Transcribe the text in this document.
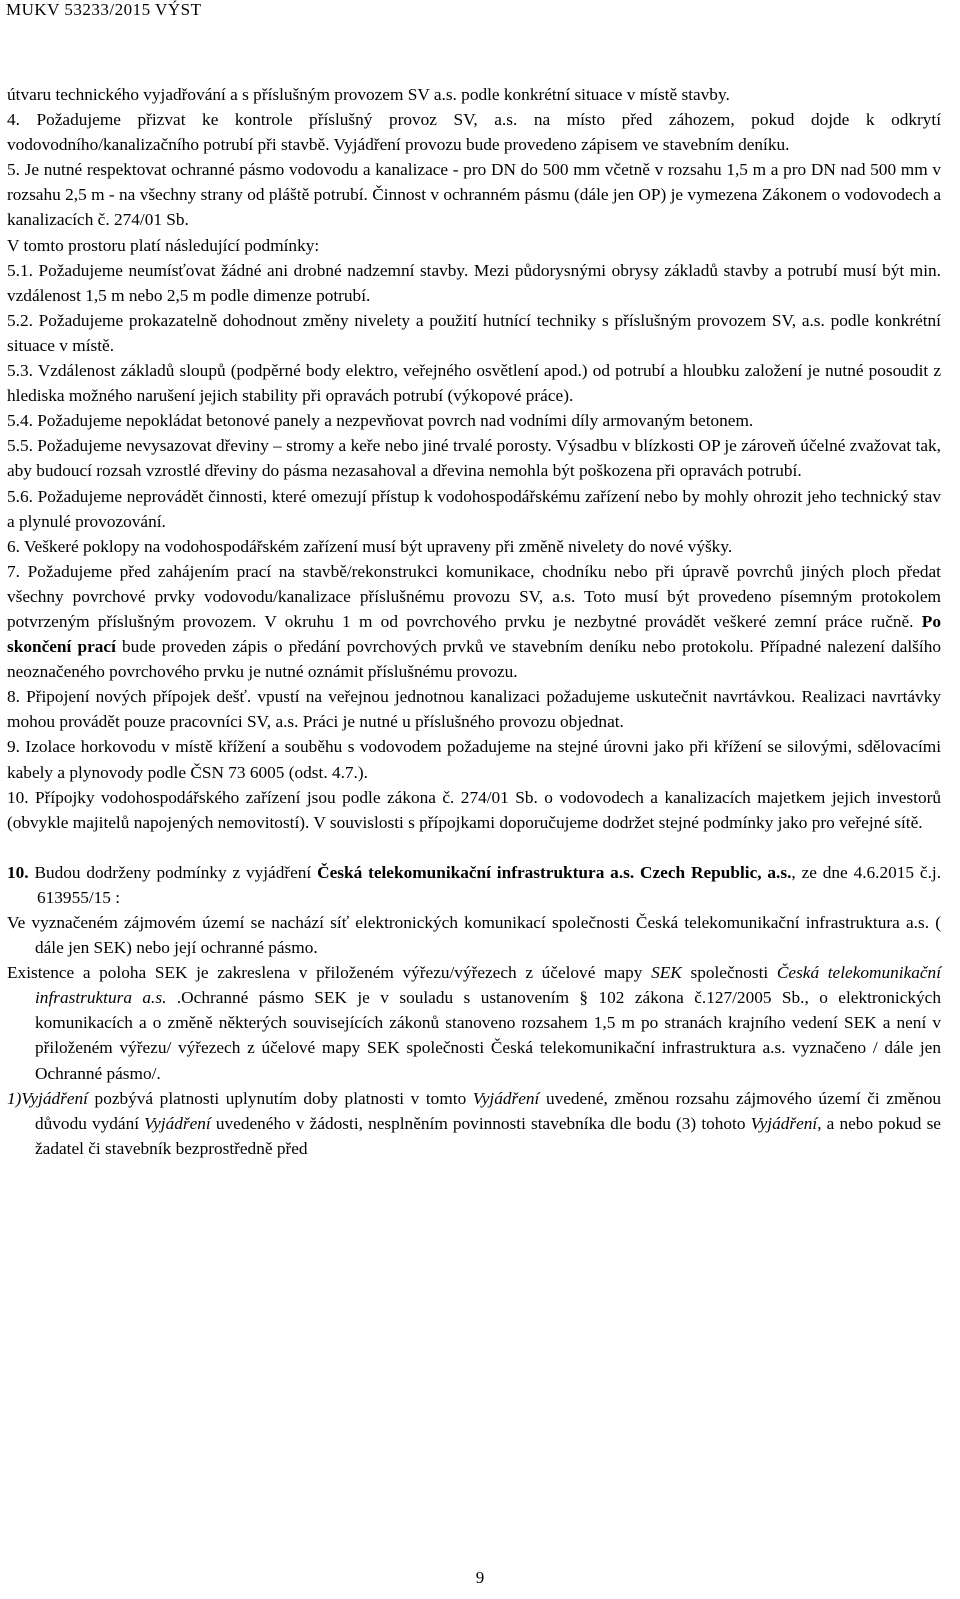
MUKV 53233/2015 VÝST

útvaru technického vyjadřování a s příslušným provozem SV a.s. podle konkrétní situace v místě stavby.

4. Požadujeme přizvat ke kontrole příslušný provoz SV, a.s. na místo před záhozem, pokud dojde k odkrytí vodovodního/kanalizačního potrubí při stavbě. Vyjádření provozu bude provedeno zápisem ve stavebním deníku.

5. Je nutné respektovat ochranné pásmo vodovodu a kanalizace - pro DN do 500 mm včetně v rozsahu 1,5 m a pro DN nad 500 mm v rozsahu 2,5 m - na všechny strany od pláště potrubí. Činnost v ochranném pásmu (dále jen OP) je vymezena Zákonem o vodovodech a kanalizacích č. 274/01 Sb.

V tomto prostoru platí následující podmínky:

5.1. Požadujeme neumísťovat žádné ani drobné nadzemní stavby. Mezi půdorysnými obrysy základů stavby a potrubí musí být min. vzdálenost 1,5 m nebo 2,5 m podle dimenze potrubí.

5.2. Požadujeme prokazatelně dohodnout změny nivelety a použití hutnící techniky s příslušným provozem SV, a.s. podle konkrétní situace v místě.

5.3. Vzdálenost základů sloupů (podpěrné body elektro, veřejného osvětlení apod.) od potrubí a hloubku založení je nutné posoudit z hlediska možného narušení jejich stability při opravách potrubí (výkopové práce).

5.4. Požadujeme nepokládat betonové panely a nezpevňovat povrch nad vodními díly armovaným betonem.

5.5. Požadujeme nevysazovat dřeviny – stromy a keře nebo jiné trvalé porosty. Výsadbu v blízkosti OP je zároveň účelné zvažovat tak, aby budoucí rozsah vzrostlé dřeviny do pásma nezasahoval a dřevina nemohla být poškozena při opravách potrubí.

5.6. Požadujeme neprovádět činnosti, které omezují přístup k vodohospodářskému zařízení nebo by mohly ohrozit jeho technický stav a plynulé provozování.

6. Veškeré poklopy na vodohospodářském zařízení musí být upraveny při změně nivelety do nové výšky.

7. Požadujeme před zahájením prací na stavbě/rekonstrukci komunikace, chodníku nebo při úpravě povrchů jiných ploch předat všechny povrchové prvky vodovodu/kanalizace příslušnému provozu SV, a.s. Toto musí být provedeno písemným protokolem potvrzeným příslušným provozem. V okruhu 1 m od povrchového prvku je nezbytné provádět veškeré zemní práce ručně. Po skončení prací bude proveden zápis o předání povrchových prvků ve stavebním deníku nebo protokolu. Případné nalezení dalšího neoznačeného povrchového prvku je nutné oznámit příslušnému provozu.

8. Připojení nových přípojek dešť. vpustí na veřejnou jednotnou kanalizaci požadujeme uskutečnit navrtávkou. Realizaci navrtávky mohou provádět pouze pracovníci SV, a.s. Práci je nutné u příslušného provozu objednat.

9. Izolace horkovodu v místě křížení a souběhu s vodovodem požadujeme na stejné úrovni jako při křížení se silovými, sdělovacími kabely a plynovody podle ČSN 73 6005 (odst. 4.7.).

10. Přípojky vodohospodářského zařízení jsou podle zákona č. 274/01 Sb. o vodovodech a kanalizacích majetkem jejich investorů (obvykle majitelů napojených nemovitostí). V souvislosti s přípojkami doporučujeme dodržet stejné podmínky jako pro veřejné sítě.

10. Budou dodrženy podmínky z vyjádření Česká telekomunikační infrastruktura a.s. Czech Republic, a.s., ze dne 4.6.2015 č.j. 613955/15 :

Ve vyznačeném zájmovém území se nachází síť elektronických komunikací společnosti Česká telekomunikační infrastruktura a.s. ( dále jen SEK) nebo její ochranné pásmo.

Existence a poloha SEK je zakreslena v přiloženém výřezu/výřezech z účelové mapy SEK společnosti Česká telekomunikační infrastruktura a.s. .Ochranné pásmo SEK je v souladu s ustanovením § 102 zákona č.127/2005 Sb., o elektronických komunikacích a o změně některých souvisejících zákonů stanoveno rozsahem 1,5 m po stranách krajního vedení SEK a není v přiloženém výřezu/ výřezech z účelové mapy SEK společnosti Česká telekomunikační infrastruktura a.s. vyznačeno / dále jen Ochranné pásmo/.

1)Vyjádření pozbývá platnosti uplynutím doby platnosti v tomto Vyjádření uvedené, změnou rozsahu zájmového území či změnou důvodu vydání Vyjádření uvedeného v žádosti, nesplněním povinnosti stavebníka dle bodu (3) tohoto Vyjádření, a nebo pokud se žadatel či stavebník bezprostředně před

9
